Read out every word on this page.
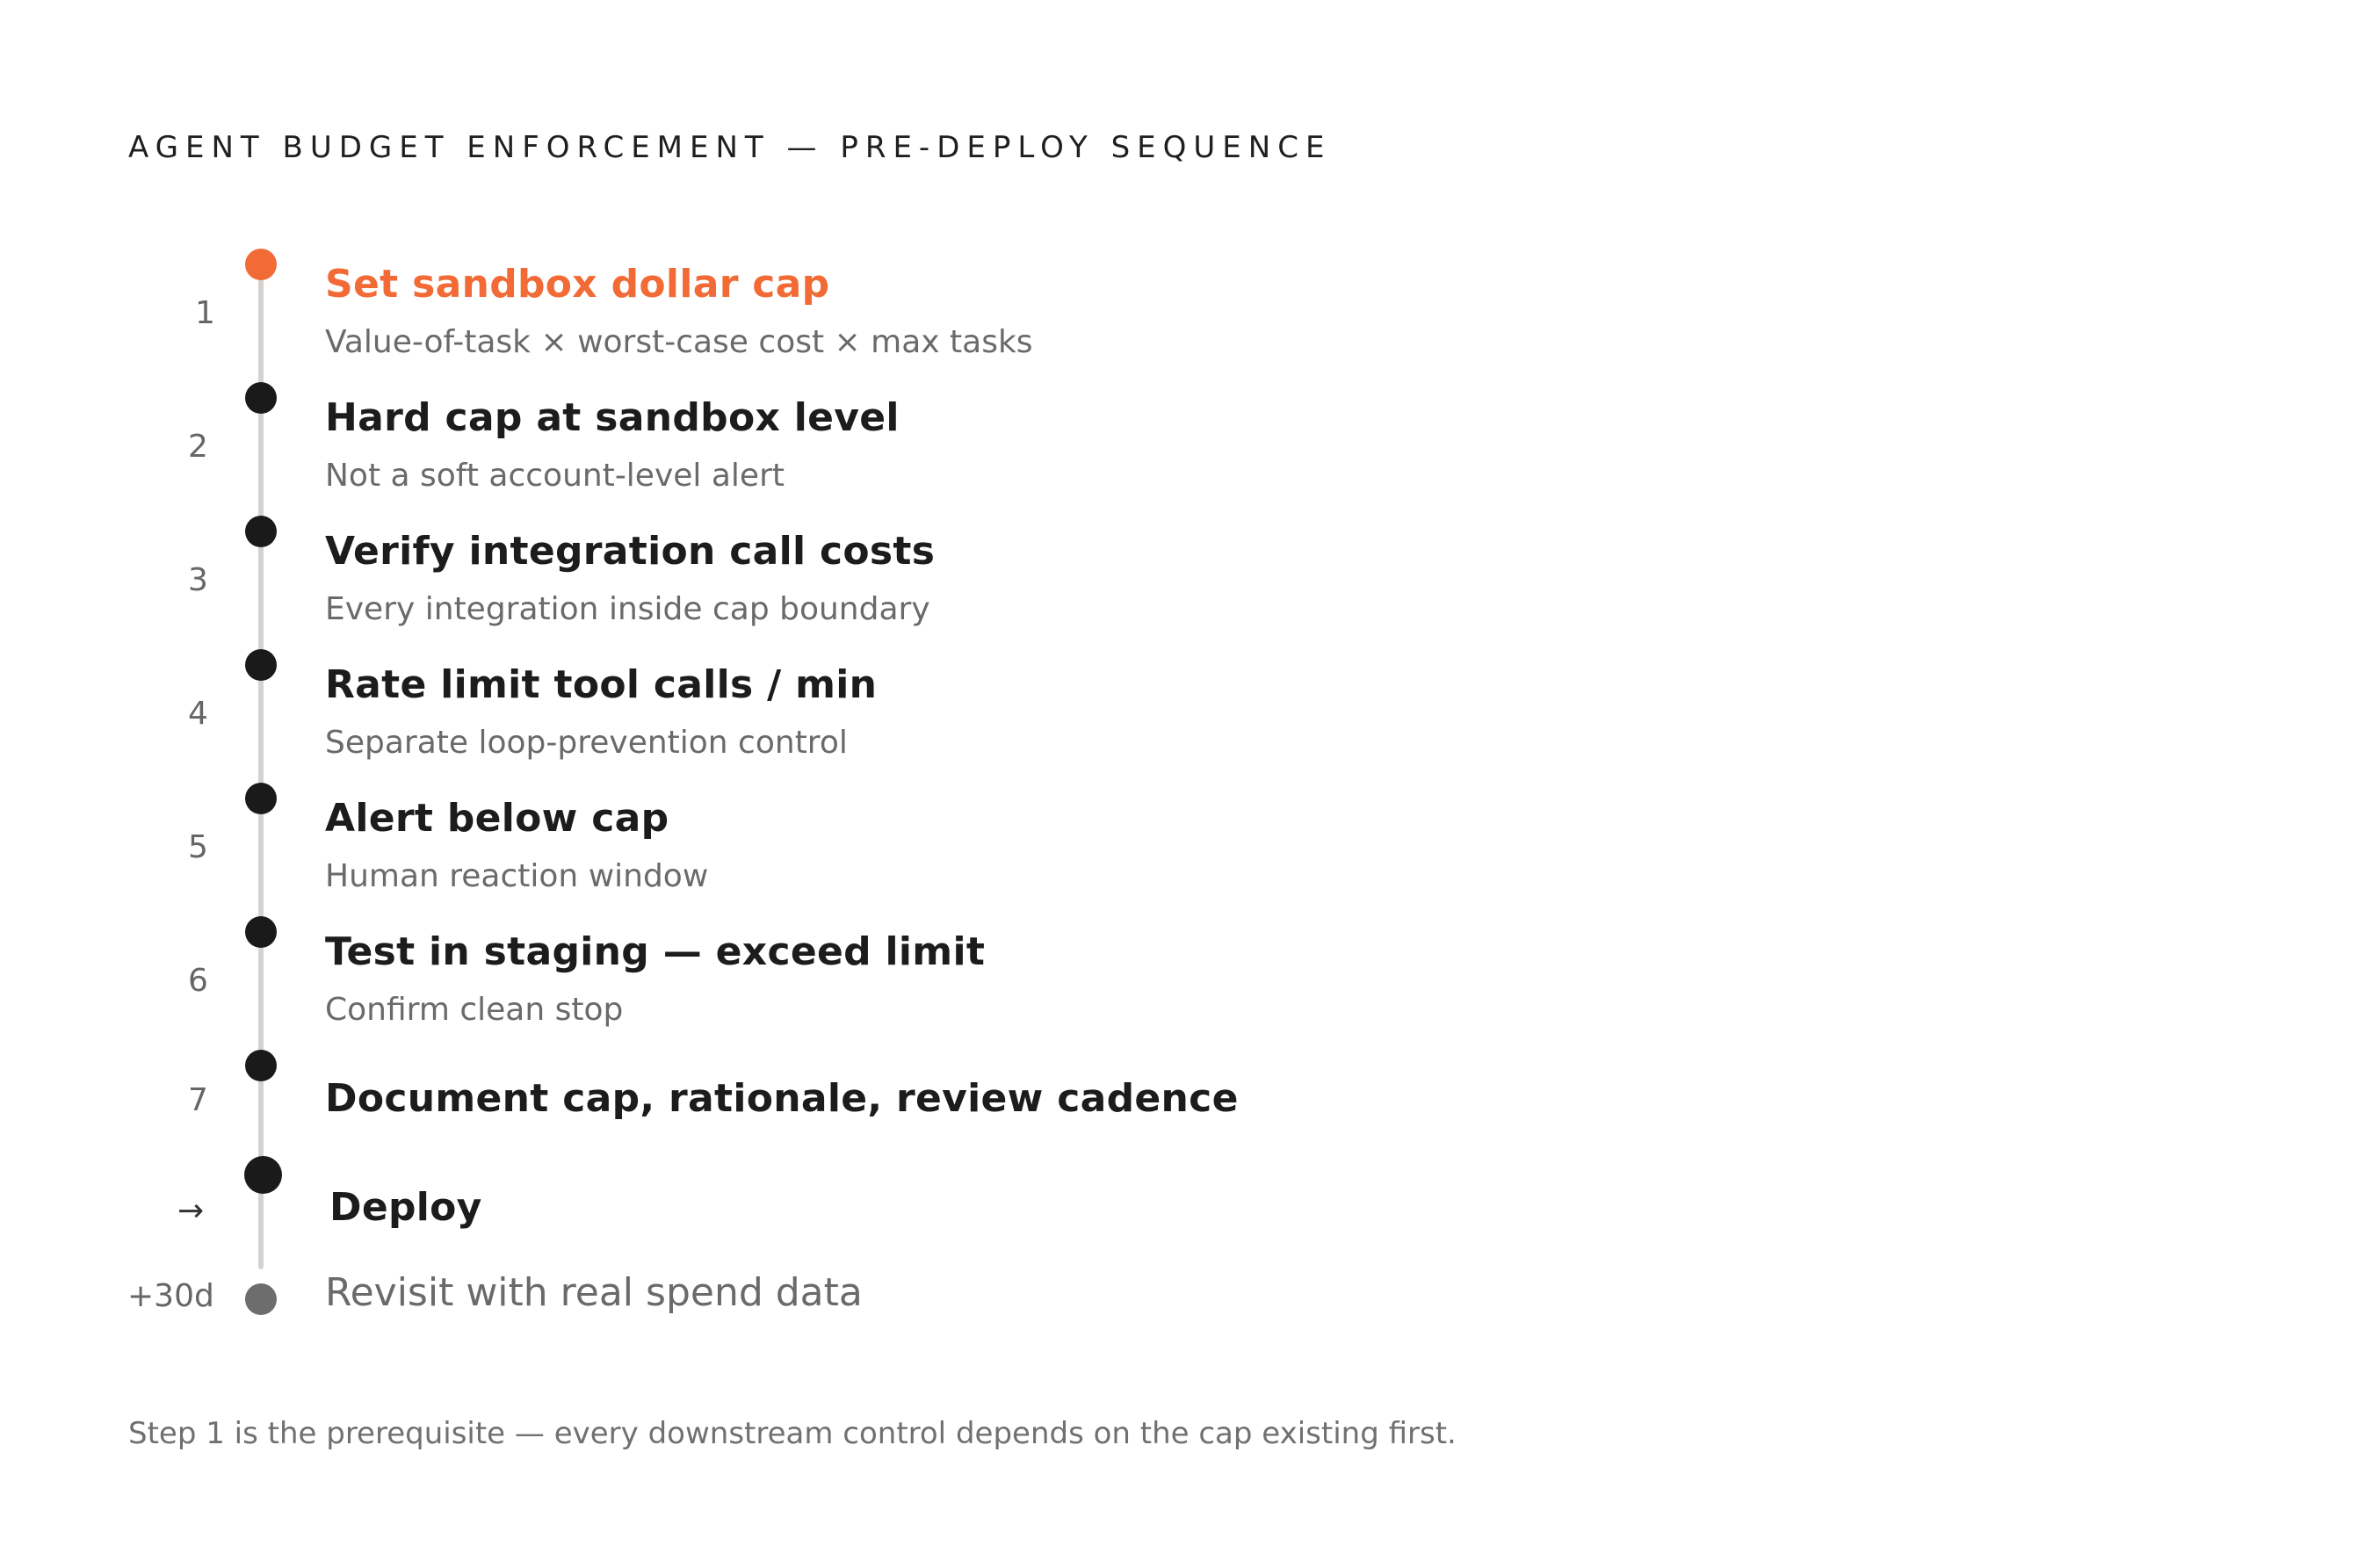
AGENT BUDGET ENFORCEMENT — PRE-DEPLOY SEQUENCE
1
Set sandbox dollar cap
Value-of-task × worst-case cost × max tasks
2
Hard cap at sandbox level
Not a soft account-level alert
3
Verify integration call costs
Every integration inside cap boundary
4
Rate limit tool calls / min
Separate loop-prevention control
5
Alert below cap
Human reaction window
6
Test in staging — exceed limit
Confirm clean stop
7	Document cap, rationale, review cadence
→	Deploy
+30d	Revisit with real spend data
Step 1 is the prerequisite — every downstream control depends on the cap existing first.
